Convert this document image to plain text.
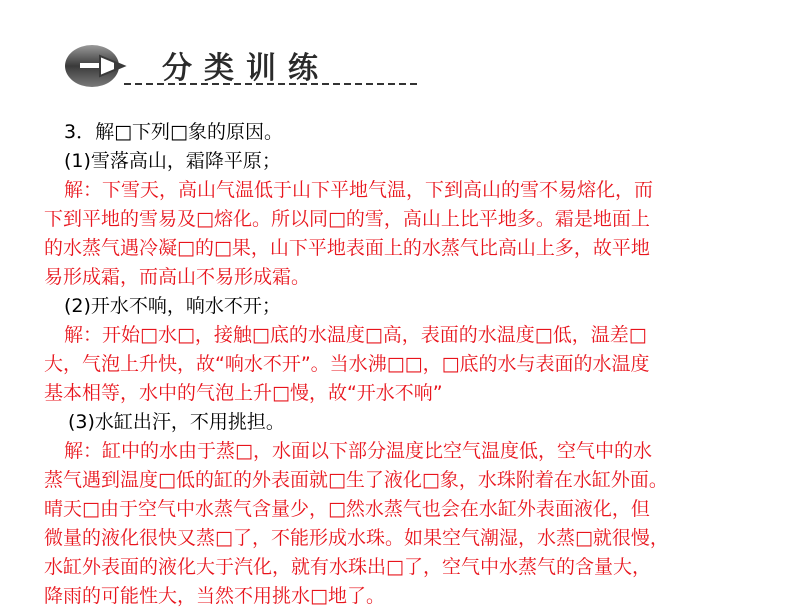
分类训练
3．解□下列□象的原因。
(1)雪落高山，霜降平原；
解：下雪天，高山气温低于山下平地气温，下到高山的雪不易熔化，而
下到平地的雪易及□熔化。所以同□的雪，高山上比平地多。霜是地面上
的水蒸气遇冷凝□的□果，山下平地表面上的水蒸气比高山上多，故平地
易形成霜，而高山不易形成霜。
(2)开水不响，响水不开；
解：开始□水□，接触□底的水温度□高，表面的水温度□低，温差□
大，气泡上升快，故“响水不开”。当水沸□□，□底的水与表面的水温度
基本相等，水中的气泡上升□慢，故“开水不响”
(3)水缸出汗，不用挑担。
解：缸中的水由于蒸□，水面以下部分温度比空气温度低，空气中的水
蒸气遇到温度□低的缸的外表面就□生了液化□象，水珠附着在水缸外面。
晴天□由于空气中水蒸气含量少，□然水蒸气也会在水缸外表面液化，但
微量的液化很快又蒸□了，不能形成水珠。如果空气潮湿，水蒸□就很慢，
水缸外表面的液化大于汽化，就有水珠出□了，空气中水蒸气的含量大，
降雨的可能性大，当然不用挑水□地了。
